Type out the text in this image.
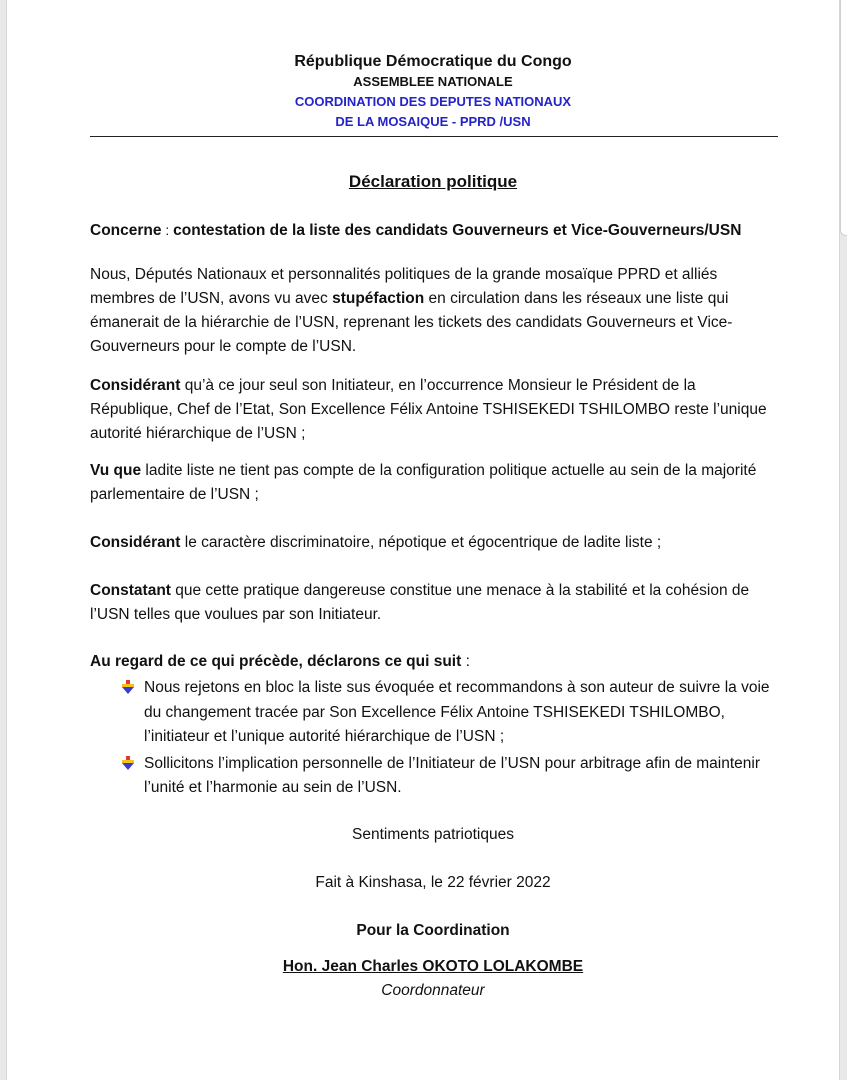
République Démocratique du Congo
ASSEMBLEE NATIONALE
COORDINATION DES DEPUTES NATIONAUX
DE LA MOSAIQUE - PPRD /USN
Déclaration politique
Concerne : contestation de la liste des candidats Gouverneurs et Vice-Gouverneurs/USN
Nous, Députés Nationaux et personnalités politiques de la grande mosaïque PPRD et alliés membres de l’USN, avons vu avec stupéfaction en circulation dans les réseaux une liste qui émanerait de la hiérarchie de l’USN, reprenant les tickets des candidats Gouverneurs et Vice-Gouverneurs pour le compte de l’USN.
Considérant qu’à ce jour seul son Initiateur, en l’occurrence Monsieur le Président de la République, Chef de l’Etat, Son Excellence Félix Antoine TSHISEKEDI TSHILOMBO reste l’unique autorité hiérarchique de l’USN ;
Vu que ladite liste ne tient pas compte de la configuration politique actuelle au sein de la majorité parlementaire de l’USN ;
Considérant le caractère discriminatoire, népotique et égocentrique de ladite liste ;
Constatant que cette pratique dangereuse constitue une menace à la stabilité et la cohésion de l’USN telles que voulues par son Initiateur.
Au regard de ce qui précède, déclarons ce qui suit :
Nous rejetons en bloc la liste sus évoquée et recommandons à son auteur de suivre la voie du changement tracée par Son Excellence Félix Antoine TSHISEKEDI TSHILOMBO, l’initiateur et l’unique autorité hiérarchique de l’USN ;
Sollicitons l’implication personnelle de l’Initiateur de l’USN pour arbitrage afin de maintenir l’unité et l’harmonie au sein de l’USN.
Sentiments patriotiques
Fait à Kinshasa, le 22 février 2022
Pour la Coordination
Hon. Jean Charles OKOTO LOLAKOMBE
Coordonnateur
